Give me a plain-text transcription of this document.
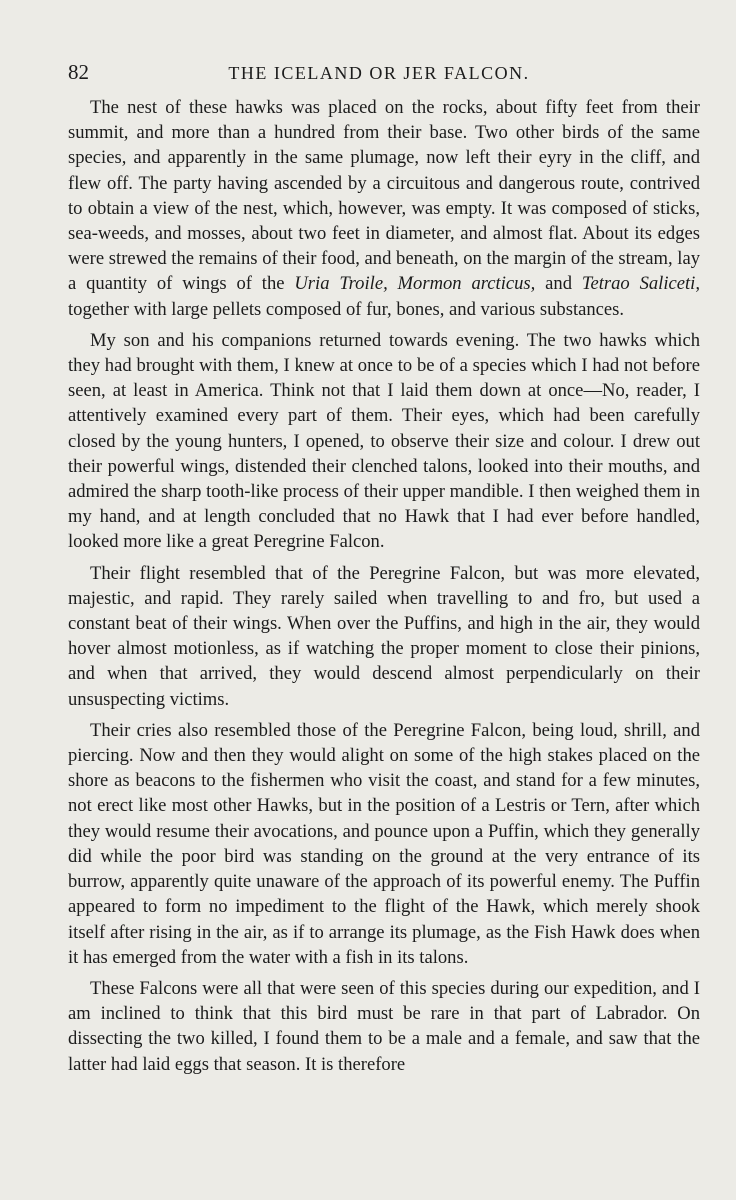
82	THE ICELAND OR JER FALCON.

The nest of these hawks was placed on the rocks, about fifty feet from their summit, and more than a hundred from their base. Two other birds of the same species, and apparently in the same plumage, now left their eyry in the cliff, and flew off. The party having ascended by a circuitous and dangerous route, contrived to obtain a view of the nest, which, however, was empty. It was composed of sticks, sea-weeds, and mosses, about two feet in diameter, and almost flat. About its edges were strewed the remains of their food, and beneath, on the margin of the stream, lay a quantity of wings of the Uria Troile, Mormon arcticus, and Tetrao Saliceti, together with large pellets composed of fur, bones, and various substances.

My son and his companions returned towards evening. The two hawks which they had brought with them, I knew at once to be of a species which I had not before seen, at least in America. Think not that I laid them down at once—No, reader, I attentively examined every part of them. Their eyes, which had been carefully closed by the young hunters, I opened, to observe their size and colour. I drew out their powerful wings, distended their clenched talons, looked into their mouths, and admired the sharp tooth-like process of their upper mandible. I then weighed them in my hand, and at length concluded that no Hawk that I had ever before handled, looked more like a great Peregrine Falcon.

Their flight resembled that of the Peregrine Falcon, but was more elevated, majestic, and rapid. They rarely sailed when travelling to and fro, but used a constant beat of their wings. When over the Puffins, and high in the air, they would hover almost motionless, as if watching the proper moment to close their pinions, and when that arrived, they would descend almost perpendicularly on their unsuspecting victims.

Their cries also resembled those of the Peregrine Falcon, being loud, shrill, and piercing. Now and then they would alight on some of the high stakes placed on the shore as beacons to the fishermen who visit the coast, and stand for a few minutes, not erect like most other Hawks, but in the position of a Lestris or Tern, after which they would resume their avocations, and pounce upon a Puffin, which they generally did while the poor bird was standing on the ground at the very entrance of its burrow, apparently quite unaware of the approach of its powerful enemy. The Puffin appeared to form no impediment to the flight of the Hawk, which merely shook itself after rising in the air, as if to arrange its plumage, as the Fish Hawk does when it has emerged from the water with a fish in its talons.

These Falcons were all that were seen of this species during our expedition, and I am inclined to think that this bird must be rare in that part of Labrador. On dissecting the two killed, I found them to be a male and a female, and saw that the latter had laid eggs that season. It is therefore
